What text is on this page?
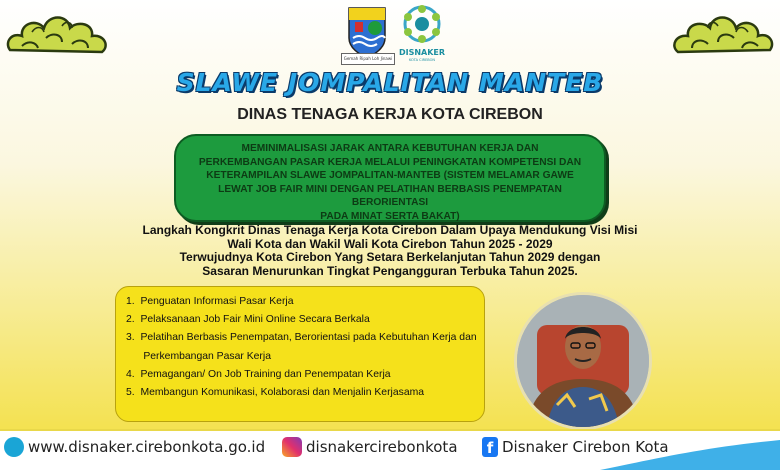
Gemah Ripah Loh Jinawi
DISNAKER
KOTA CIREBON
SLAWE JOMPALITAN MANTEB
DINAS TENAGA KERJA KOTA CIREBON
MEMINIMALISASI JARAK ANTARA KEBUTUHAN KERJA DAN
PERKEMBANGAN PASAR KERJA MELALUI PENINGKATAN KOMPETENSI DAN
KETERAMPILAN SLAWE JOMPALITAN-MANTEB (SISTEM MELAMAR GAWE
LEWAT JOB FAIR MINI DENGAN PELATIHAN BERBASIS PENEMPATAN BERORIENTASI
PADA MINAT SERTA BAKAT)
Langkah Kongkrit Dinas Tenaga Kerja Kota Cirebon Dalam Upaya Mendukung Visi Misi
Wali Kota dan Wakil Wali Kota Cirebon Tahun 2025 - 2029
Terwujudnya Kota Cirebon Yang Setara Berkelanjutan Tahun 2029 dengan
Sasaran Menurunkan Tingkat Pengangguran Terbuka Tahun 2025.
1.  Penguatan Informasi Pasar Kerja
2.  Pelaksanaan Job Fair Mini Online Secara Berkala
3.  Pelatihan Berbasis Penempatan, Berorientasi pada Kebutuhan Kerja dan
Perkembangan Pasar Kerja
4.  Pemagangan/ On Job Training dan Penempatan Kerja
5.  Membangun Komunikasi, Kolaborasi dan Menjalin Kerjasama
www.disnaker.cirebonkota.go.id	disnakercirebonkota	f Disnaker Cirebon Kota
